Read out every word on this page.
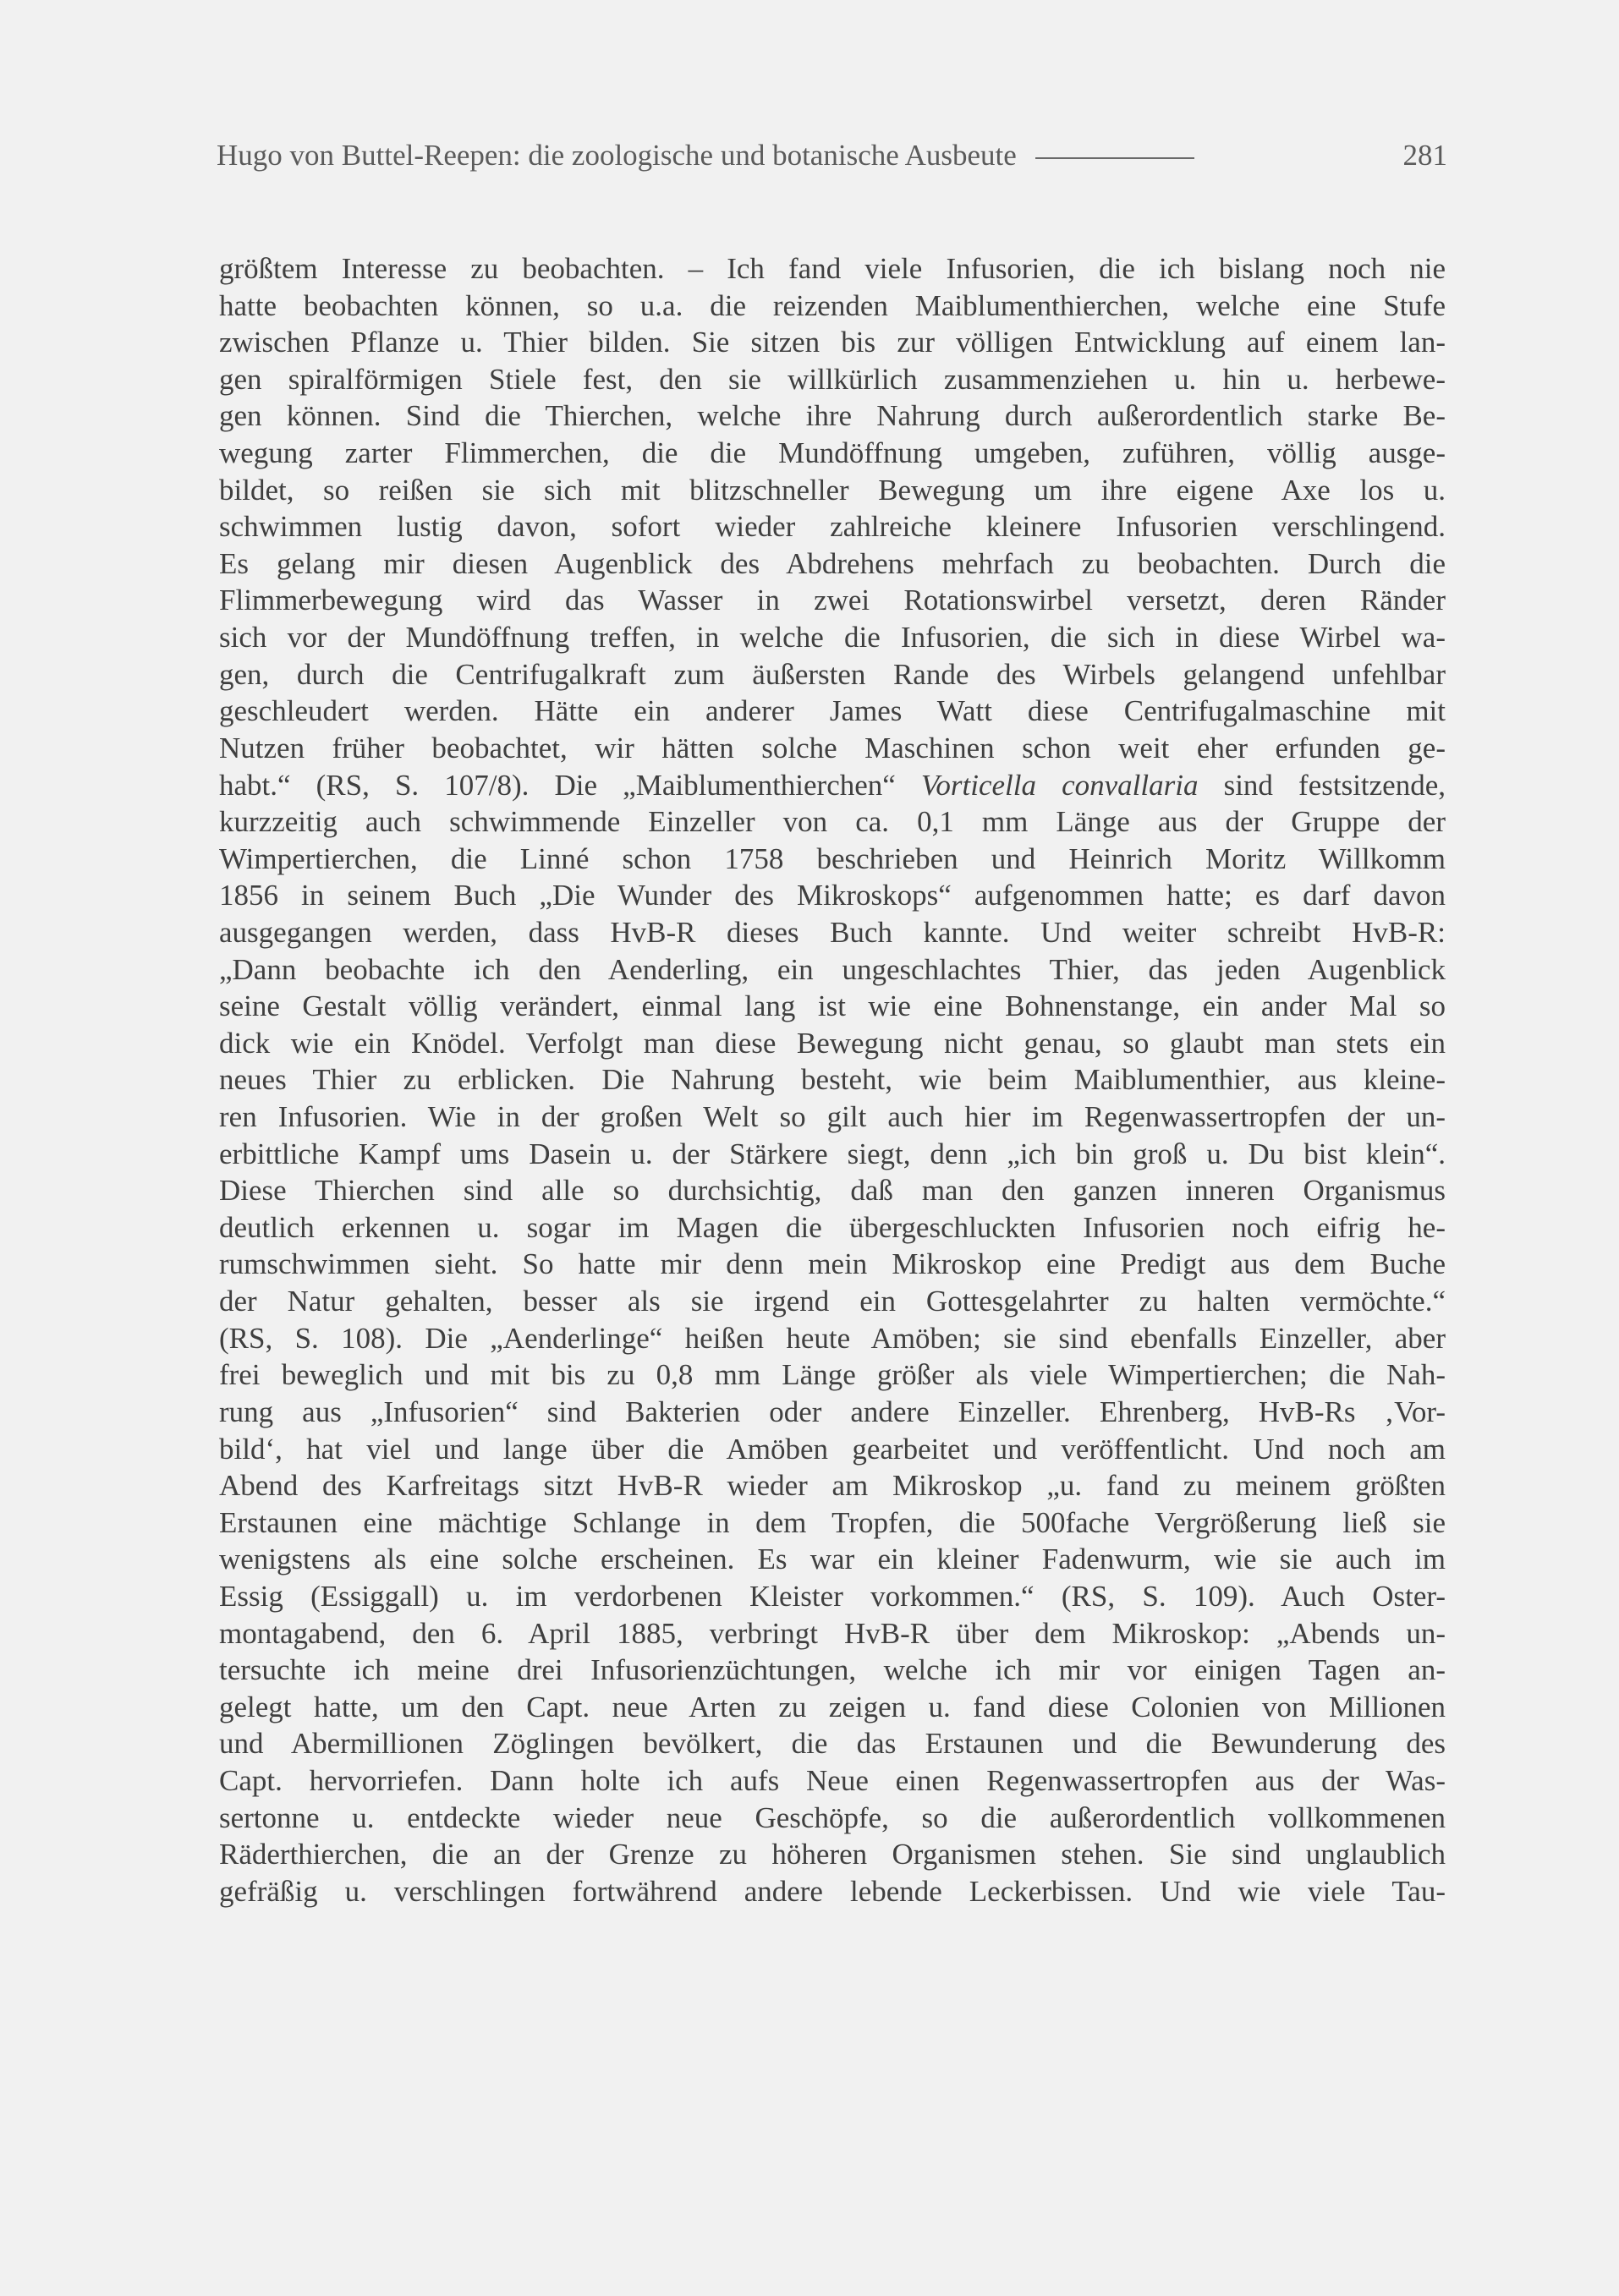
Hugo von Buttel-Reepen: die zoologische und botanische Ausbeute	281
größtem Interesse zu beobachten. – Ich fand viele Infusorien, die ich bislang noch nie
hatte beobachten können, so u.a. die reizenden Maiblumenthierchen, welche eine Stufe
zwischen Pflanze u. Thier bilden. Sie sitzen bis zur völligen Entwicklung auf einem lan-
gen spiralförmigen Stiele fest, den sie willkürlich zusammenziehen u. hin u. herbewe-
gen können. Sind die Thierchen, welche ihre Nahrung durch außerordentlich starke Be-
wegung zarter Flimmerchen, die die Mundöffnung umgeben, zuführen, völlig ausge-
bildet, so reißen sie sich mit blitzschneller Bewegung um ihre eigene Axe los u.
schwimmen lustig davon, sofort wieder zahlreiche kleinere Infusorien verschlingend.
Es gelang mir diesen Augenblick des Abdrehens mehrfach zu beobachten. Durch die
Flimmerbewegung wird das Wasser in zwei Rotationswirbel versetzt, deren Ränder
sich vor der Mundöffnung treffen, in welche die Infusorien, die sich in diese Wirbel wa-
gen, durch die Centrifugalkraft zum äußersten Rande des Wirbels gelangend unfehlbar
geschleudert werden. Hätte ein anderer James Watt diese Centrifugalmaschine mit
Nutzen früher beobachtet, wir hätten solche Maschinen schon weit eher erfunden ge-
habt.“ (RS, S. 107/8). Die „Maiblumenthierchen“ Vorticella convallaria sind festsitzende,
kurzzeitig auch schwimmende Einzeller von ca. 0,1 mm Länge aus der Gruppe der
Wimpertierchen, die Linné schon 1758 beschrieben und Heinrich Moritz Willkomm
1856 in seinem Buch „Die Wunder des Mikroskops“ aufgenommen hatte; es darf davon
ausgegangen werden, dass HvB-R dieses Buch kannte. Und weiter schreibt HvB-R:
„Dann beobachte ich den Aenderling, ein ungeschlachtes Thier, das jeden Augenblick
seine Gestalt völlig verändert, einmal lang ist wie eine Bohnenstange, ein ander Mal so
dick wie ein Knödel. Verfolgt man diese Bewegung nicht genau, so glaubt man stets ein
neues Thier zu erblicken. Die Nahrung besteht, wie beim Maiblumenthier, aus kleine-
ren Infusorien. Wie in der großen Welt so gilt auch hier im Regenwassertropfen der un-
erbittliche Kampf ums Dasein u. der Stärkere siegt, denn „ich bin groß u. Du bist klein“.
Diese Thierchen sind alle so durchsichtig, daß man den ganzen inneren Organismus
deutlich erkennen u. sogar im Magen die übergeschluckten Infusorien noch eifrig he-
rumschwimmen sieht. So hatte mir denn mein Mikroskop eine Predigt aus dem Buche
der Natur gehalten, besser als sie irgend ein Gottesgelahrter zu halten vermöchte.“
(RS, S. 108). Die „Aenderlinge“ heißen heute Amöben; sie sind ebenfalls Einzeller, aber
frei beweglich und mit bis zu 0,8 mm Länge größer als viele Wimpertierchen; die Nah-
rung aus „Infusorien“ sind Bakterien oder andere Einzeller. Ehrenberg, HvB-Rs ‚Vor-
bild‘, hat viel und lange über die Amöben gearbeitet und veröffentlicht. Und noch am
Abend des Karfreitags sitzt HvB-R wieder am Mikroskop „u. fand zu meinem größten
Erstaunen eine mächtige Schlange in dem Tropfen, die 500fache Vergrößerung ließ sie
wenigstens als eine solche erscheinen. Es war ein kleiner Fadenwurm, wie sie auch im
Essig (Essiggall) u. im verdorbenen Kleister vorkommen.“ (RS, S. 109). Auch Oster-
montagabend, den 6. April 1885, verbringt HvB-R über dem Mikroskop: „Abends un-
tersuchte ich meine drei Infusorienzüchtungen, welche ich mir vor einigen Tagen an-
gelegt hatte, um den Capt. neue Arten zu zeigen u. fand diese Colonien von Millionen
und Abermillionen Zöglingen bevölkert, die das Erstaunen und die Bewunderung des
Capt. hervorriefen. Dann holte ich aufs Neue einen Regenwassertropfen aus der Was-
sertonne u. entdeckte wieder neue Geschöpfe, so die außerordentlich vollkommenen
Räderthierchen, die an der Grenze zu höheren Organismen stehen. Sie sind unglaublich
gefräßig u. verschlingen fortwährend andere lebende Leckerbissen. Und wie viele Tau-
